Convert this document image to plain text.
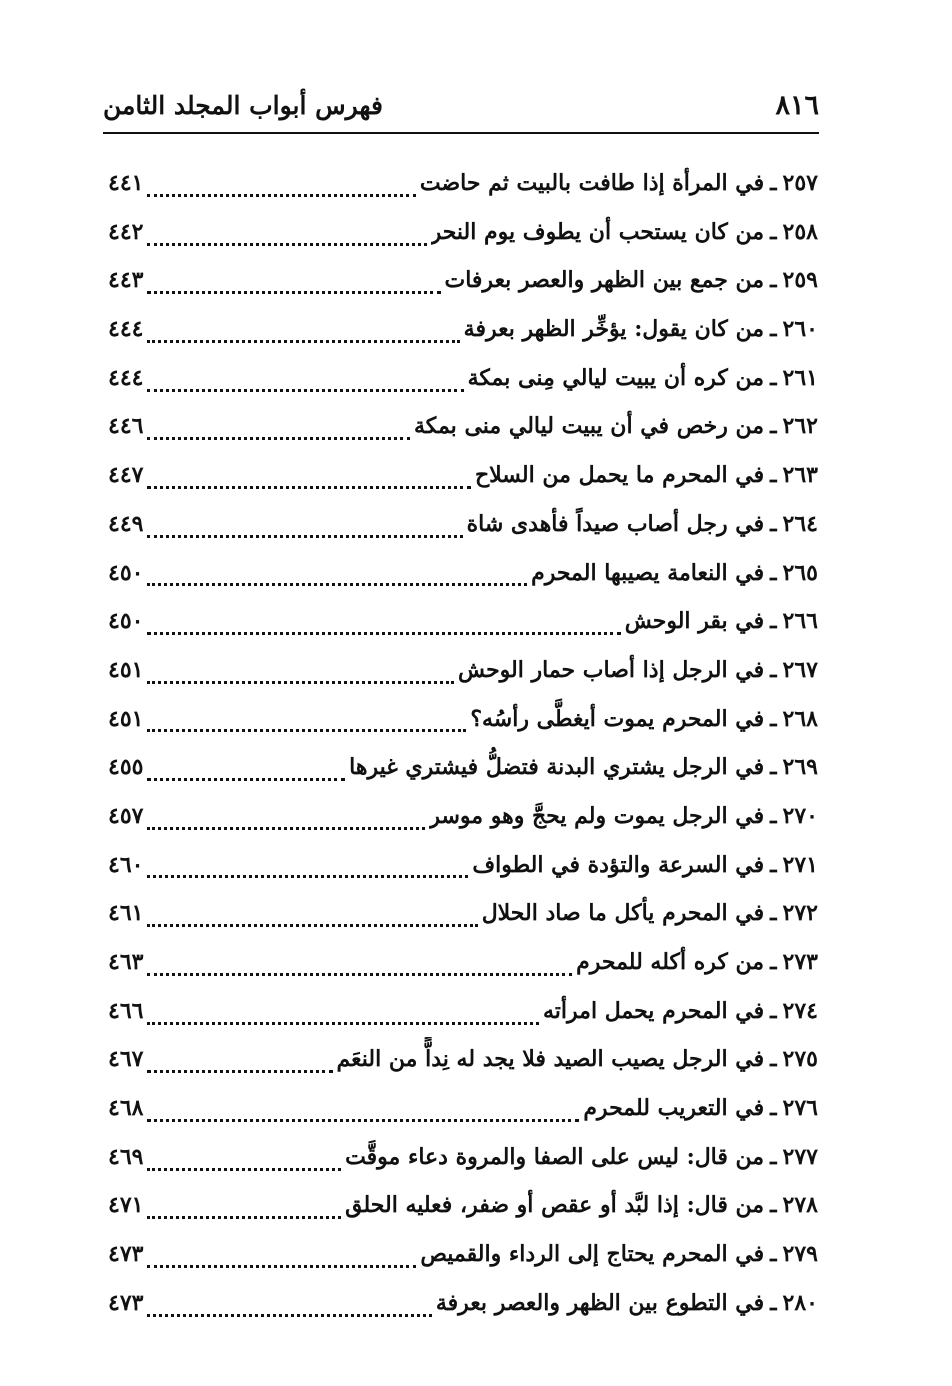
٨١٦
فهرس أبواب المجلد الثامن
٢٥٧
ـ
في المرأة إذا طافت بالبيت ثم حاضت
٤٤١
٢٥٨
ـ
من كان يستحب أن يطوف يوم النحر
٤٤٢
٢٥٩
ـ
من جمع بين الظهر والعصر بعرفات
٤٤٣
٢٦٠
ـ
من كان يقول: يؤخِّر الظهر بعرفة
٤٤٤
٢٦١
ـ
من كره أن يبيت ليالي مِنى بمكة
٤٤٤
٢٦٢
ـ
من رخص في أن يبيت ليالي منى بمكة
٤٤٦
٢٦٣
ـ
في المحرم ما يحمل من السلاح
٤٤٧
٢٦٤
ـ
في رجل أصاب صيداً فأهدى شاة
٤٤٩
٢٦٥
ـ
في النعامة يصيبها المحرم
٤٥٠
٢٦٦
ـ
في بقر الوحش
٤٥٠
٢٦٧
ـ
في الرجل إذا أصاب حمار الوحش
٤٥١
٢٦٨
ـ
في المحرم يموت أيغطَّى رأسُه؟
٤٥١
٢٦٩
ـ
في الرجل يشتري البدنة فتضلُّ فيشتري غيرها
٤٥٥
٢٧٠
ـ
في الرجل يموت ولم يحجَّ وهو موسر
٤٥٧
٢٧١
ـ
في السرعة والتؤدة في الطواف
٤٦٠
٢٧٢
ـ
في المحرم يأكل ما صاد الحلال
٤٦١
٢٧٣
ـ
من كره أكله للمحرم
٤٦٣
٢٧٤
ـ
في المحرم يحمل امرأته
٤٦٦
٢٧٥
ـ
في الرجل يصيب الصيد فلا يجد له نِداًّ من النعَم
٤٦٧
٢٧٦
ـ
في التعريب للمحرم
٤٦٨
٢٧٧
ـ
من قال: ليس على الصفا والمروة دعاء موقَّت
٤٦٩
٢٧٨
ـ
من قال: إذا لبَّد أو عقص أو ضفر، فعليه الحلق
٤٧١
٢٧٩
ـ
في المحرم يحتاج إلى الرداء والقميص
٤٧٣
٢٨٠
ـ
في التطوع بين الظهر والعصر بعرفة
٤٧٣
